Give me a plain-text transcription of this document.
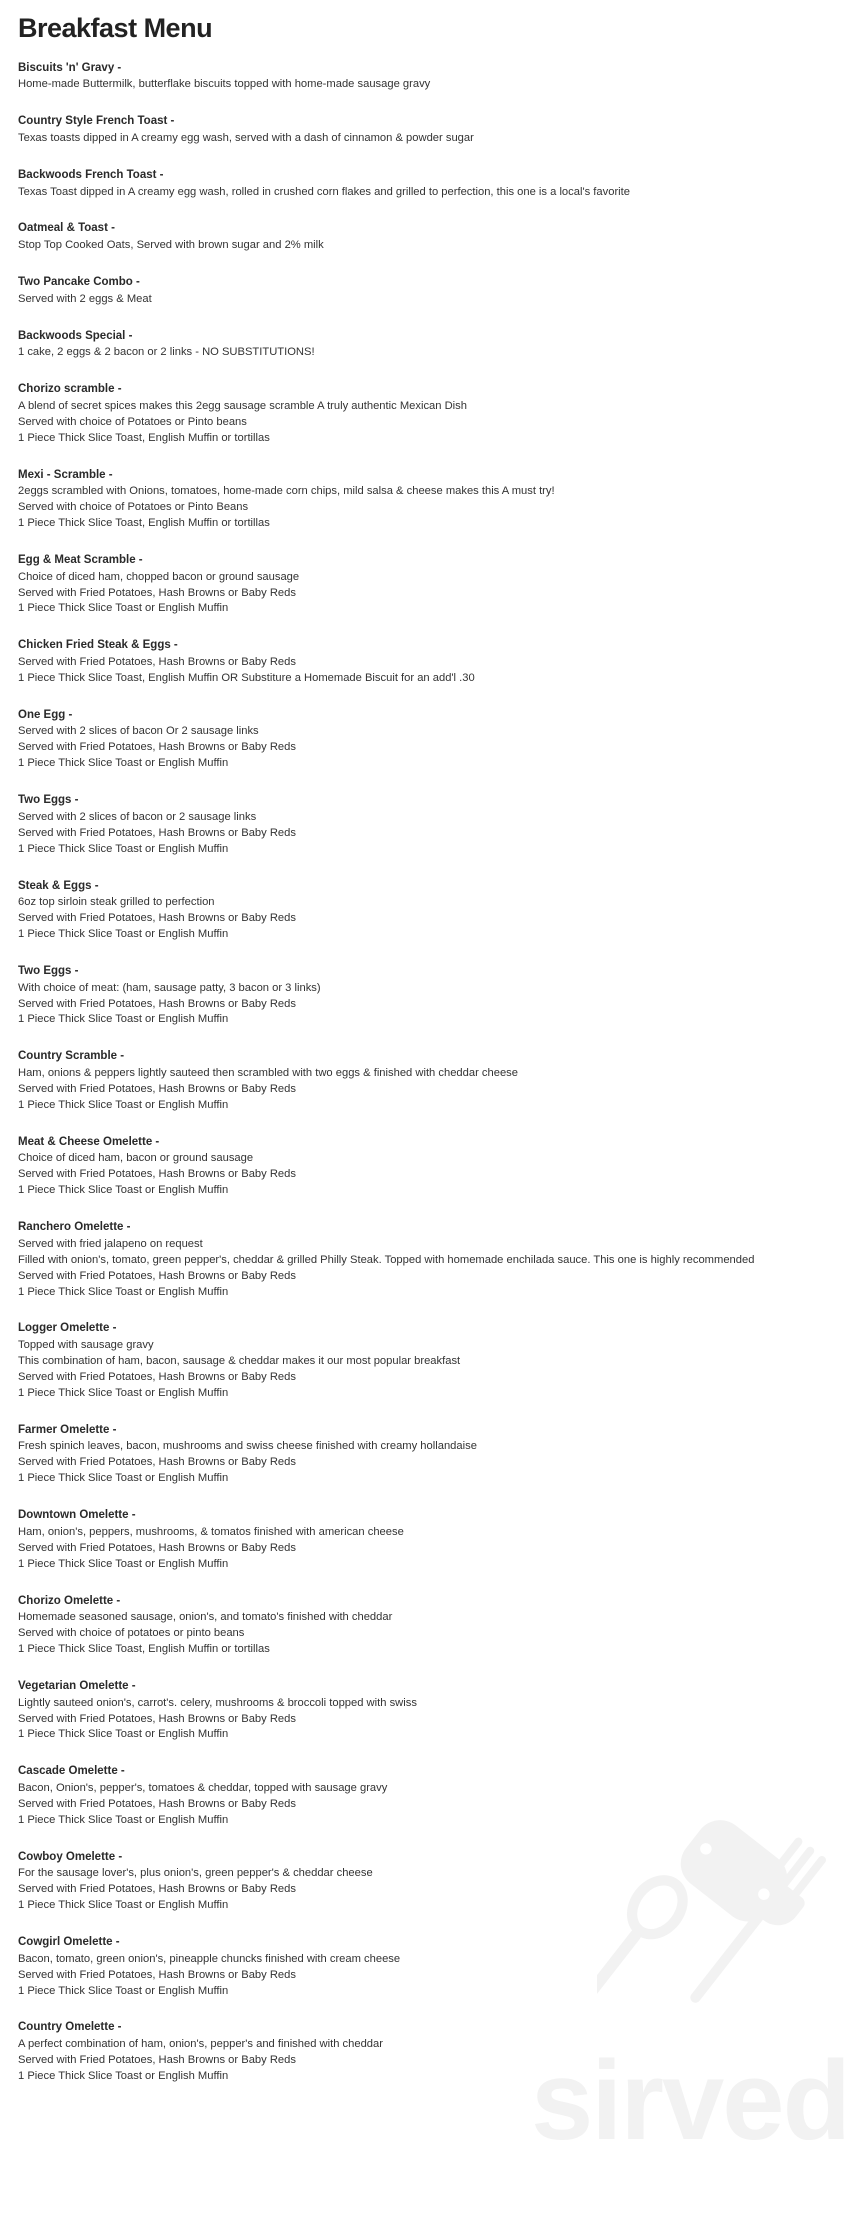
sirved
Breakfast Menu
Biscuits 'n' Gravy -
Home-made Buttermilk, butterflake biscuits topped with home-made sausage gravy
Country Style French Toast -
Texas toasts dipped in A creamy egg wash, served with a dash of cinnamon & powder sugar
Backwoods French Toast -
Texas Toast dipped in A creamy egg wash, rolled in crushed corn flakes and grilled to perfection, this one is a local's favorite
Oatmeal & Toast -
Stop Top Cooked Oats, Served with brown sugar and 2% milk
Two Pancake Combo -
Served with 2 eggs & Meat
Backwoods Special -
1 cake, 2 eggs & 2 bacon or 2 links - NO SUBSTITUTIONS!
Chorizo scramble -
A blend of secret spices makes this 2egg sausage scramble A truly authentic Mexican Dish
Served with choice of Potatoes or Pinto beans
1 Piece Thick Slice Toast, English Muffin or tortillas
Mexi - Scramble -
2eggs scrambled with Onions, tomatoes, home-made corn chips, mild salsa & cheese makes this A must try!
Served with choice of Potatoes or Pinto Beans
1 Piece Thick Slice Toast, English Muffin or tortillas
Egg & Meat Scramble -
Choice of diced ham, chopped bacon or ground sausage
Served with Fried Potatoes, Hash Browns or Baby Reds
1 Piece Thick Slice Toast or English Muffin
Chicken Fried Steak & Eggs -
Served with Fried Potatoes, Hash Browns or Baby Reds
1 Piece Thick Slice Toast, English Muffin OR Substiture a Homemade Biscuit for an add'l .30
One Egg -
Served with 2 slices of bacon Or 2 sausage links
Served with Fried Potatoes, Hash Browns or Baby Reds
1 Piece Thick Slice Toast or English Muffin
Two Eggs -
Served with 2 slices of bacon or 2 sausage links
Served with Fried Potatoes, Hash Browns or Baby Reds
1 Piece Thick Slice Toast or English Muffin
Steak & Eggs -
6oz top sirloin steak grilled to perfection
Served with Fried Potatoes, Hash Browns or Baby Reds
1 Piece Thick Slice Toast or English Muffin
Two Eggs -
With choice of meat: (ham, sausage patty, 3 bacon or 3 links)
Served with Fried Potatoes, Hash Browns or Baby Reds
1 Piece Thick Slice Toast or English Muffin
Country Scramble -
Ham, onions & peppers lightly sauteed then scrambled with two eggs & finished with cheddar cheese
Served with Fried Potatoes, Hash Browns or Baby Reds
1 Piece Thick Slice Toast or English Muffin
Meat & Cheese Omelette -
Choice of diced ham, bacon or ground sausage
Served with Fried Potatoes, Hash Browns or Baby Reds
1 Piece Thick Slice Toast or English Muffin
Ranchero Omelette -
Served with fried jalapeno on request
Filled with onion's, tomato, green pepper's, cheddar & grilled Philly Steak. Topped with homemade enchilada sauce. This one is highly recommended
Served with Fried Potatoes, Hash Browns or Baby Reds
1 Piece Thick Slice Toast or English Muffin
Logger Omelette -
Topped with sausage gravy
This combination of ham, bacon, sausage & cheddar makes it our most popular breakfast
Served with Fried Potatoes, Hash Browns or Baby Reds
1 Piece Thick Slice Toast or English Muffin
Farmer Omelette -
Fresh spinich leaves, bacon, mushrooms and swiss cheese finished with creamy hollandaise
Served with Fried Potatoes, Hash Browns or Baby Reds
1 Piece Thick Slice Toast or English Muffin
Downtown Omelette -
Ham, onion's, peppers, mushrooms, & tomatos finished with american cheese
Served with Fried Potatoes, Hash Browns or Baby Reds
1 Piece Thick Slice Toast or English Muffin
Chorizo Omelette -
Homemade seasoned sausage, onion's, and tomato's finished with cheddar
Served with choice of potatoes or pinto beans
1 Piece Thick Slice Toast, English Muffin or tortillas
Vegetarian Omelette -
Lightly sauteed onion's, carrot's. celery, mushrooms & broccoli topped with swiss
Served with Fried Potatoes, Hash Browns or Baby Reds
1 Piece Thick Slice Toast or English Muffin
Cascade Omelette -
Bacon, Onion's, pepper's, tomatoes & cheddar, topped with sausage gravy
Served with Fried Potatoes, Hash Browns or Baby Reds
1 Piece Thick Slice Toast or English Muffin
Cowboy Omelette -
For the sausage lover's, plus onion's, green pepper's & cheddar cheese
Served with Fried Potatoes, Hash Browns or Baby Reds
1 Piece Thick Slice Toast or English Muffin
Cowgirl Omelette -
Bacon, tomato, green onion's, pineapple chuncks finished with cream cheese
Served with Fried Potatoes, Hash Browns or Baby Reds
1 Piece Thick Slice Toast or English Muffin
Country Omelette -
A perfect combination of ham, onion's, pepper's and finished with cheddar
Served with Fried Potatoes, Hash Browns or Baby Reds
1 Piece Thick Slice Toast or English Muffin
